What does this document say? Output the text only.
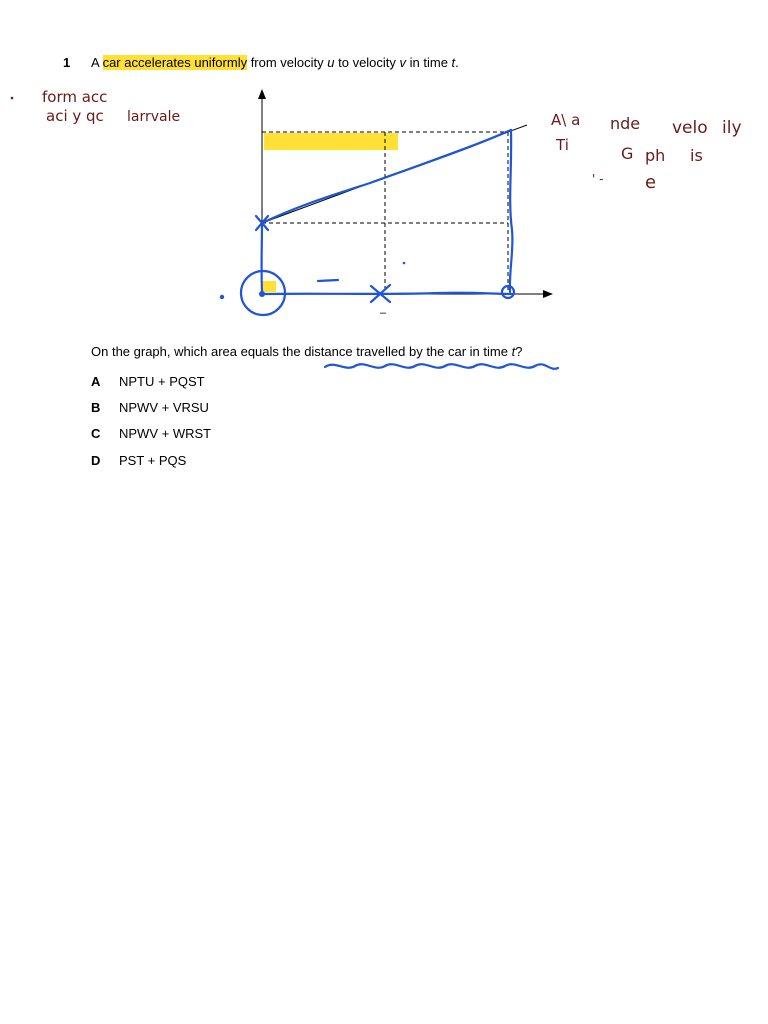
1 A car accelerates uniformly from velocity u to velocity v in time t.
–
form acc
aci y qc larrvale	A\ a nde velo ily
Ti	G ph is
' - e
On the graph, which area equals the distance travelled by the car in time t?
A NPTU + PQST
B NPWV + VRSU
C NPWV + WRST
D PST + PQS
